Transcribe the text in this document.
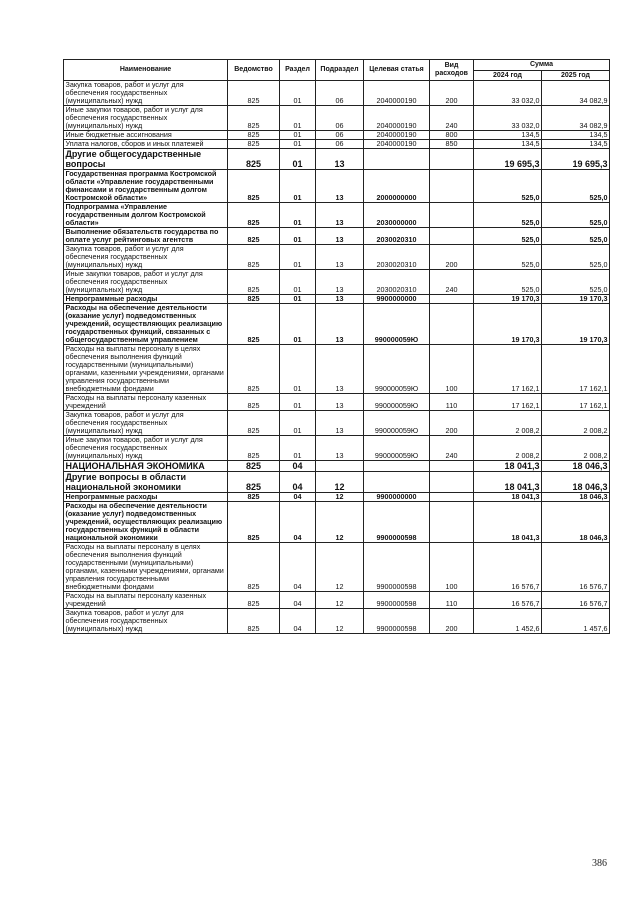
Наименование	Ведомство	Раздел	Подраздел	Целевая статья	Вид расходов	Сумма	
						2024 год	2025 год
Закупка товаров, работ и услуг для обеспечения государственных (муниципальных) нужд	825	01	06	2040000190	200	33 032,0	34 082,9
Иные закупки товаров, работ и услуг для обеспечения государственных (муниципальных) нужд	825	01	06	2040000190	240	33 032,0	34 082,9
Иные бюджетные ассигнования	825	01	06	2040000190	800	134,5	134,5
Уплата налогов, сборов и иных платежей	825	01	06	2040000190	850	134,5	134,5
Другие общегосударственные вопросы	825	01	13			19 695,3	19 695,3
Государственная программа Костромской области «Управление государственными финансами и государственным долгом Костромской области»	825	01	13	2000000000		525,0	525,0
Подпрограмма «Управление государственным долгом Костромской области»	825	01	13	2030000000		525,0	525,0
Выполнение обязательств государства по оплате услуг рейтинговых агентств	825	01	13	2030020310		525,0	525,0
Закупка товаров, работ и услуг для обеспечения государственных (муниципальных) нужд	825	01	13	2030020310	200	525,0	525,0
Иные закупки товаров, работ и услуг для обеспечения государственных (муниципальных) нужд	825	01	13	2030020310	240	525,0	525,0
Непрограммные расходы	825	01	13	9900000000		19 170,3	19 170,3
Расходы на обеспечение деятельности (оказание услуг) подведомственных учреждений, осуществляющих реализацию государственных функций, связанных с общегосударственным управлением	825	01	13	990000059Ю		19 170,3	19 170,3
Расходы на выплаты персоналу в целях обеспечения выполнения функций государственными (муниципальными) органами, казенными учреждениями, органами управления государственными внебюджетными фондами	825	01	13	990000059Ю	100	17 162,1	17 162,1
Расходы на выплаты персоналу казенных учреждений	825	01	13	990000059Ю	110	17 162,1	17 162,1
Закупка товаров, работ и услуг для обеспечения государственных (муниципальных) нужд	825	01	13	990000059Ю	200	2 008,2	2 008,2
Иные закупки товаров, работ и услуг для обеспечения государственных (муниципальных) нужд	825	01	13	990000059Ю	240	2 008,2	2 008,2
НАЦИОНАЛЬНАЯ ЭКОНОМИКА	825	04				18 041,3	18 046,3
Другие вопросы в области национальной экономики	825	04	12			18 041,3	18 046,3
Непрограммные расходы	825	04	12	9900000000		18 041,3	18 046,3
Расходы на обеспечение деятельности (оказание услуг) подведомственных учреждений, осуществляющих реализацию государственных функций в области национальной экономики	825	04	12	9900000598		18 041,3	18 046,3
Расходы на выплаты персоналу в целях обеспечения выполнения функций государственными (муниципальными) органами, казенными учреждениями, органами управления государственными внебюджетными фондами	825	04	12	9900000598	100	16 576,7	16 576,7
Расходы на выплаты персоналу казенных учреждений	825	04	12	9900000598	110	16 576,7	16 576,7
Закупка товаров, работ и услуг для обеспечения государственных (муниципальных) нужд	825	04	12	9900000598	200	1 452,6	1 457,6
386
